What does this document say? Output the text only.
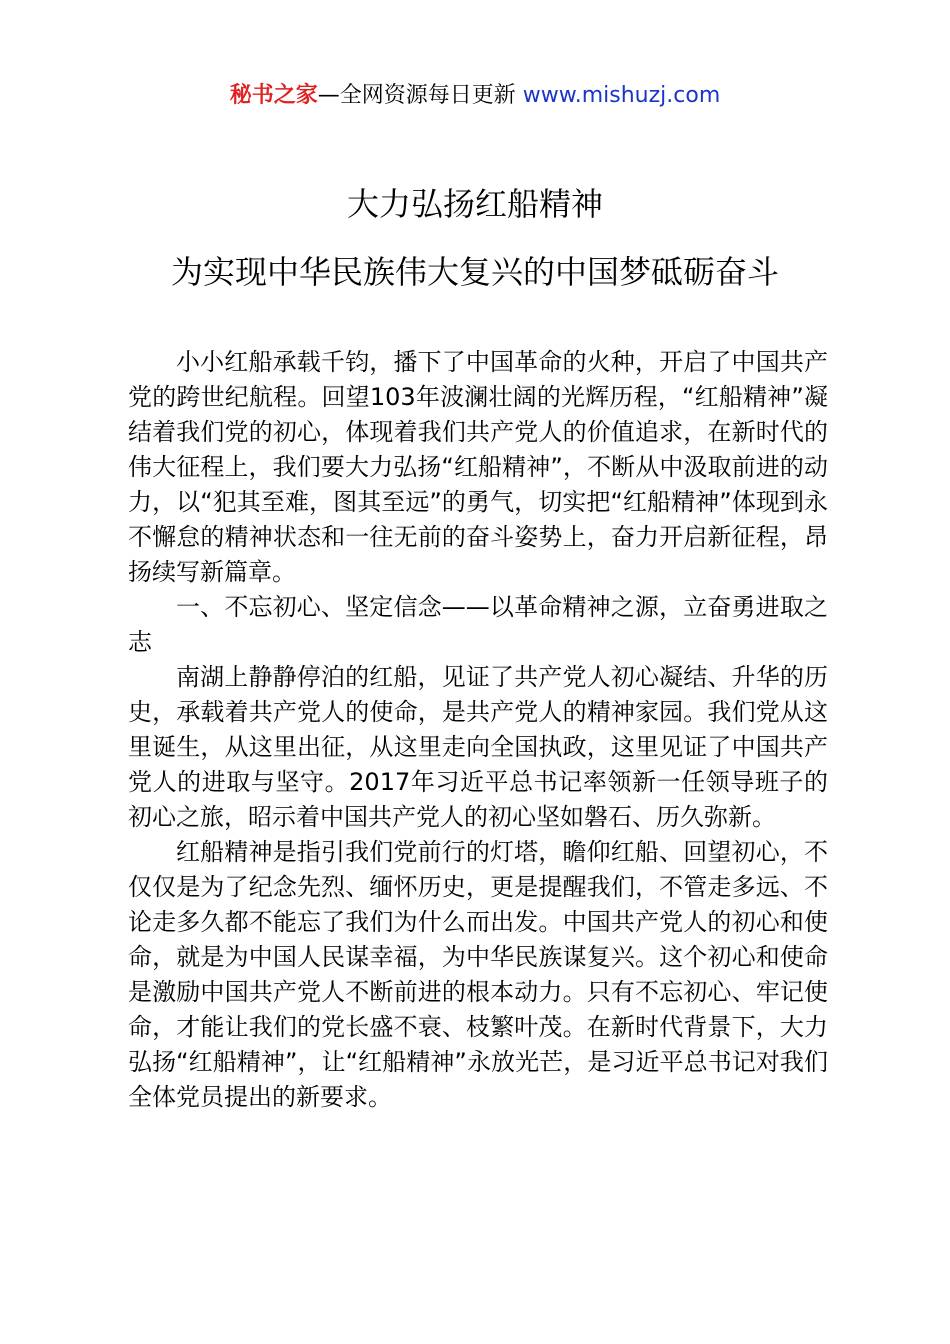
秘书之家—全网资源每日更新 www.mishuzj.com
大力弘扬红船精神
为实现中华民族伟大复兴的中国梦砥砺奋斗

小小红船承载千钧，播下了中国革命的火种，开启了中国共产党的跨世纪航程。回望103年波澜壮阔的光辉历程，“红船精神”凝结着我们党的初心，体现着我们共产党人的价值追求，在新时代的伟大征程上，我们要大力弘扬“红船精神”，不断从中汲取前进的动力，以“犯其至难，图其至远”的勇气，切实把“红船精神”体现到永不懈怠的精神状态和一往无前的奋斗姿势上，奋力开启新征程，昂扬续写新篇章。

一、不忘初心、坚定信念——以革命精神之源，立奋勇进取之志

南湖上静静停泊的红船，见证了共产党人初心凝结、升华的历史，承载着共产党人的使命，是共产党人的精神家园。我们党从这里诞生，从这里出征，从这里走向全国执政，这里见证了中国共产党人的进取与坚守。2017年习近平总书记率领新一任领导班子的初心之旅，昭示着中国共产党人的初心坚如磐石、历久弥新。

红船精神是指引我们党前行的灯塔，瞻仰红船、回望初心，不仅仅是为了纪念先烈、缅怀历史，更是提醒我们，不管走多远、不论走多久都不能忘了我们为什么而出发。中国共产党人的初心和使命，就是为中国人民谋幸福，为中华民族谋复兴。这个初心和使命是激励中国共产党人不断前进的根本动力。只有不忘初心、牢记使命，才能让我们的党长盛不衰、枝繁叶茂。在新时代背景下，大力弘扬“红船精神”，让“红船精神”永放光芒，是习近平总书记对我们全体党员提出的新要求。
